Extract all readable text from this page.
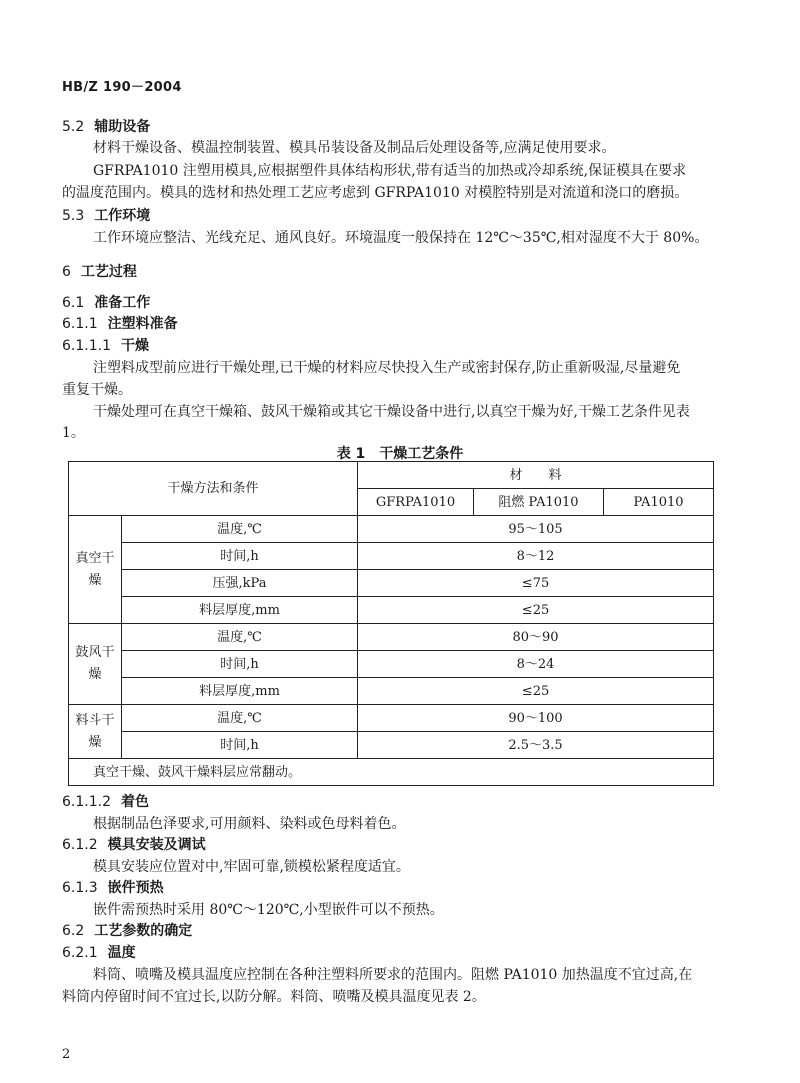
HB/Z 190－2004
5.2 辅助设备
材料干燥设备、模温控制装置、模具吊装设备及制品后处理设备等,应满足使用要求。
GFRPA1010 注塑用模具,应根据塑件具体结构形状,带有适当的加热或冷却系统,保证模具在要求
的温度范围内。模具的选材和热处理工艺应考虑到 GFRPA1010 对模腔特别是对流道和浇口的磨损。
5.3 工作环境
工作环境应整洁、光线充足、通风良好。环境温度一般保持在 12℃～35℃,相对湿度不大于 80%。
6 工艺过程
6.1 准备工作
6.1.1 注塑料准备
6.1.1.1 干燥
注塑料成型前应进行干燥处理,已干燥的材料应尽快投入生产或密封保存,防止重新吸湿,尽量避免
重复干燥。
干燥处理可在真空干燥箱、鼓风干燥箱或其它干燥设备中进行,以真空干燥为好,干燥工艺条件见表
1。
表 1　干燥工艺条件
干燥方法和条件		材　　料		
		GFRPA1010	阻燃 PA1010	PA1010
真空干燥	温度,℃	95～105		
	时间,h	8～12		
	压强,kPa	≤75		
	料层厚度,mm	≤25		
鼓风干燥	温度,℃	80～90		
	时间,h	8～24		
	料层厚度,mm	≤25		
料斗干燥	温度,℃	90～100		
	时间,h	2.5～3.5		
真空干燥、鼓风干燥料层应常翻动。				
6.1.1.2 着色
根据制品色泽要求,可用颜料、染料或色母料着色。
6.1.2 模具安装及调试
模具安装应位置对中,牢固可靠,锁模松紧程度适宜。
6.1.3 嵌件预热
嵌件需预热时采用 80℃～120℃,小型嵌件可以不预热。
6.2 工艺参数的确定
6.2.1 温度
料筒、喷嘴及模具温度应控制在各种注塑料所要求的范围内。阻燃 PA1010 加热温度不宜过高,在
料筒内停留时间不宜过长,以防分解。料筒、喷嘴及模具温度见表 2。
2
